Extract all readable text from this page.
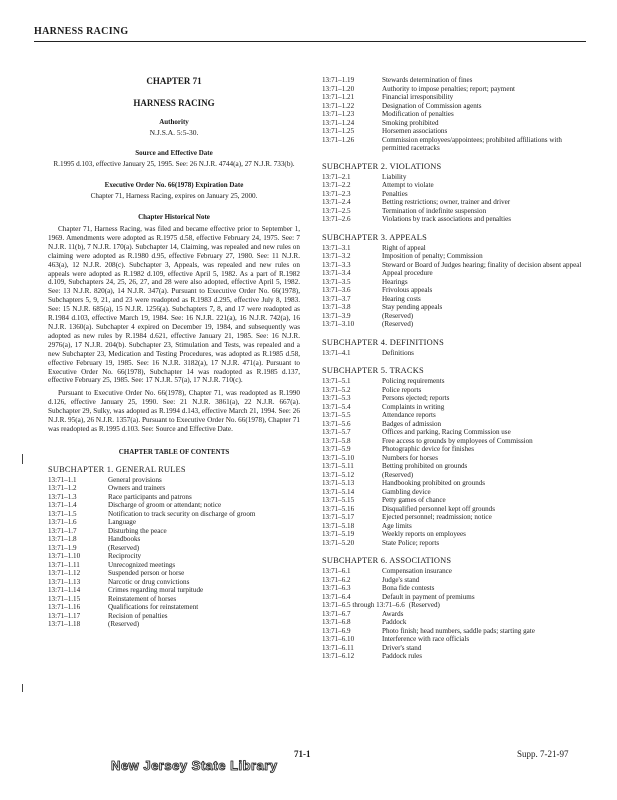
HARNESS RACING
CHAPTER 71
HARNESS RACING
Authority
N.J.S.A. 5:5-30.
Source and Effective Date
R.1995 d.103, effective January 25, 1995. See: 26 N.J.R. 4744(a), 27 N.J.R. 733(b).
Executive Order No. 66(1978) Expiration Date
Chapter 71, Harness Racing, expires on January 25, 2000.
Chapter Historical Note
Chapter 71, Harness Racing, was filed and became effective prior to September 1, 1969. Amendments were adopted as R.1975 d.58, effective February 24, 1975. See: 7 N.J.R. 11(b), 7 N.J.R. 170(a). Subchapter 14, Claiming, was repealed and new rules on claiming were adopted as R.1980 d.95, effective February 27, 1980. See: 11 N.J.R. 463(a), 12 N.J.R. 208(c). Subchapter 3, Appeals, was repealed and new rules on appeals were adopted as R.1982 d.109, effective April 5, 1982. As a part of R.1982 d.109, Subchapters 24, 25, 26, 27, and 28 were also adopted, effective April 5, 1982. See: 13 N.J.R. 820(a), 14 N.J.R. 347(a). Pursuant to Executive Order No. 66(1978), Subchapters 5, 9, 21, and 23 were readopted as R.1983 d.295, effective July 8, 1983. See: 15 N.J.R. 685(a), 15 N.J.R. 1256(a). Subchapters 7, 8, and 17 were readopted as R.1984 d.103, effective March 19, 1984. See: 16 N.J.R. 221(a), 16 N.J.R. 742(a), 16 N.J.R. 1360(a). Subchapter 4 expired on December 19, 1984, and subsequently was adopted as new rules by R.1984 d.621, effective January 21, 1985. See: 16 N.J.R. 2976(a), 17 N.J.R. 204(b). Subchapter 23, Stimulation and Tests, was repealed and a new Subchapter 23, Medication and Testing Procedures, was adopted as R.1985 d.58, effective February 19, 1985. See: 16 N.J.R. 3182(a), 17 N.J.R. 471(a). Pursuant to Executive Order No. 66(1978), Subchapter 14 was readopted as R.1985 d.137, effective February 25, 1985. See: 17 N.J.R. 57(a), 17 N.J.R. 710(c).
Pursuant to Executive Order No. 66(1978), Chapter 71, was readopted as R.1990 d.126, effective January 25, 1990. See: 21 N.J.R. 3861(a), 22 N.J.R. 667(a). Subchapter 29, Sulky, was adopted as R.1994 d.143, effective March 21, 1994. See: 26 N.J.R. 95(a), 26 N.J.R. 1357(a). Pursuant to Executive Order No. 66(1978), Chapter 71 was readopted as R.1995 d.103. See: Source and Effective Date.
CHAPTER TABLE OF CONTENTS
SUBCHAPTER 1. GENERAL RULES
13:71–1.1	General provisions
13:71–1.2	Owners and trainers
13:71–1.3	Race participants and patrons
13:71–1.4	Discharge of groom or attendant; notice
13:71–1.5	Notification to track security on discharge of groom
13:71–1.6	Language
13:71–1.7	Disturbing the peace
13:71–1.8	Handbooks
13:71–1.9	(Reserved)
13:71–1.10	Reciprocity
13:71–1.11	Unrecognized meetings
13:71–1.12	Suspended person or horse
13:71–1.13	Narcotic or drug convictions
13:71–1.14	Crimes regarding moral turpitude
13:71–1.15	Reinstatement of horses
13:71–1.16	Qualifications for reinstatement
13:71–1.17	Recision of penalties
13:71–1.18	(Reserved)
13:71–1.19	Stewards determination of fines
13:71–1.20	Authority to impose penalties; report; payment
13:71–1.21	Financial irresponsibility
13:71–1.22	Designation of Commission agents
13:71–1.23	Modification of penalties
13:71–1.24	Smoking prohibited
13:71–1.25	Horsemen associations
13:71–1.26	Commission employees/appointees; prohibited affiliations with permitted racetracks
SUBCHAPTER 2. VIOLATIONS
13:71–2.1	Liability
13:71–2.2	Attempt to violate
13:71–2.3	Penalties
13:71–2.4	Betting restrictions; owner, trainer and driver
13:71–2.5	Termination of indefinite suspension
13:71–2.6	Violations by track associations and penalties
SUBCHAPTER 3. APPEALS
13:71–3.1	Right of appeal
13:71–3.2	Imposition of penalty; Commission
13:71–3.3	Steward or Board of Judges hearing; finality of decision absent appeal
13:71–3.4	Appeal procedure
13:71–3.5	Hearings
13:71–3.6	Frivolous appeals
13:71–3.7	Hearing costs
13:71–3.8	Stay pending appeals
13:71–3.9	(Reserved)
13:71–3.10	(Reserved)
SUBCHAPTER 4. DEFINITIONS
13:71–4.1	Definitions
SUBCHAPTER 5. TRACKS
13:71–5.1	Policing requirements
13:71–5.2	Police reports
13:71–5.3	Persons ejected; reports
13:71–5.4	Complaints in writing
13:71–5.5	Attendance reports
13:71–5.6	Badges of admission
13:71–5.7	Offices and parking, Racing Commission use
13:71–5.8	Free access to grounds by employees of Commission
13:71–5.9	Photographic device for finishes
13:71–5.10	Numbers for horses
13:71–5.11	Betting prohibited on grounds
13:71–5.12	(Reserved)
13:71–5.13	Handbooking prohibited on grounds
13:71–5.14	Gambling device
13:71–5.15	Petty games of chance
13:71–5.16	Disqualified personnel kept off grounds
13:71–5.17	Ejected personnel; readmission; notice
13:71–5.18	Age limits
13:71–5.19	Weekly reports on employees
13:71–5.20	State Police; reports
SUBCHAPTER 6. ASSOCIATIONS
13:71–6.1	Compensation insurance
13:71–6.2	Judge's stand
13:71–6.3	Bona fide contests
13:71–6.4	Default in payment of premiums
13:71–6.5 through 13:71–6.6 (Reserved)
13:71–6.7	Awards
13:71–6.8	Paddock
13:71–6.9	Photo finish; head numbers, saddle pads; starting gate
13:71–6.10	Interference with race officials
13:71–6.11	Driver's stand
13:71–6.12	Paddock rules
71-1	Supp. 7-21-97
New Jersey State Library
